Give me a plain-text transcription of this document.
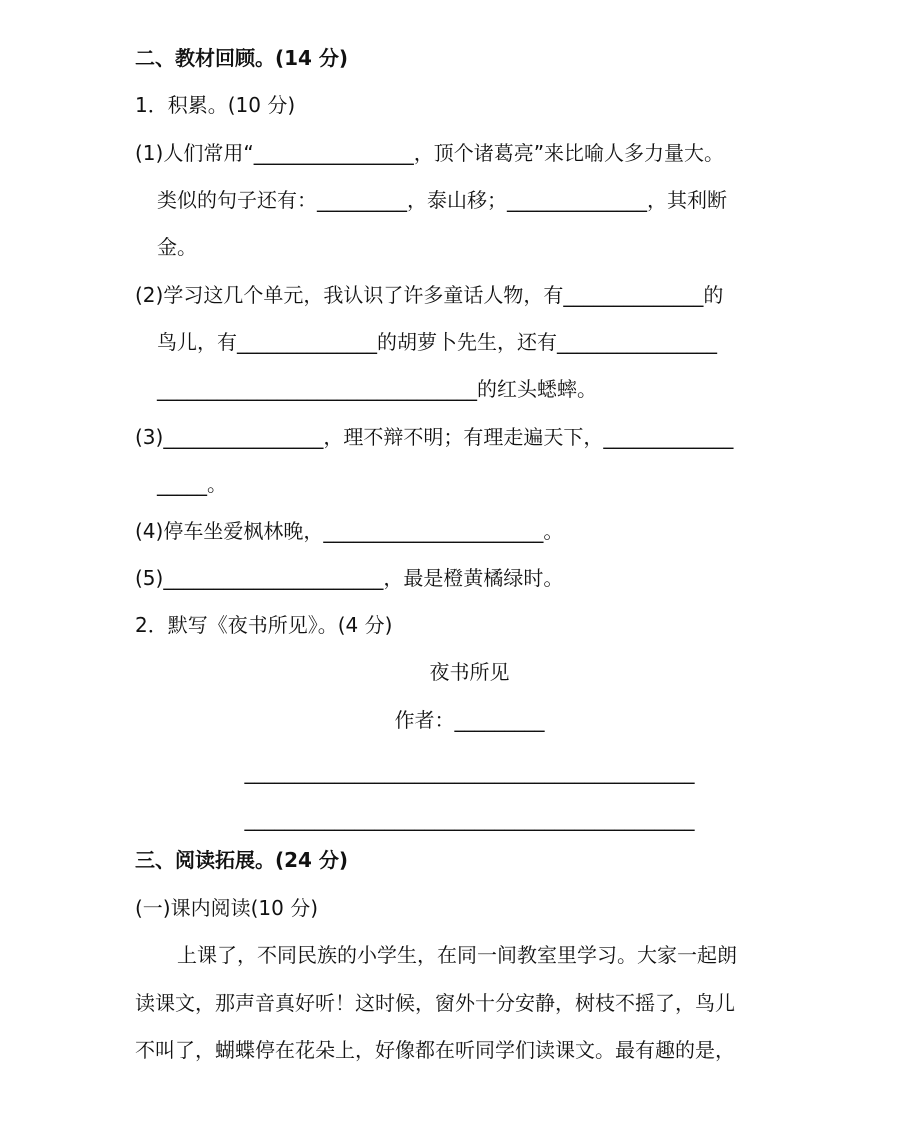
二、教材回顾。(14 分)
1．积累。(10 分)
(1)人们常用“________________，顶个诸葛亮”来比喻人多力量大。
类似的句子还有：_________，泰山移；______________，其利断
金。
(2)学习这几个单元，我认识了许多童话人物，有______________的
鸟儿，有______________的胡萝卜先生，还有________________
________________________________的红头蟋蟀。
(3)________________，理不辩不明；有理走遍天下，_____________
_____。
(4)停车坐爱枫林晚，______________________。
(5)______________________，最是橙黄橘绿时。
2．默写《夜书所见》。(4 分)
夜书所见
作者：_________
_____________________________________________
_____________________________________________
三、阅读拓展。(24 分)
(一)课内阅读(10 分)
上课了，不同民族的小学生，在同一间教室里学习。大家一起朗
读课文，那声音真好听！这时候，窗外十分安静，树枝不摇了，鸟儿
不叫了，蝴蝶停在花朵上，好像都在听同学们读课文。最有趣的是，
